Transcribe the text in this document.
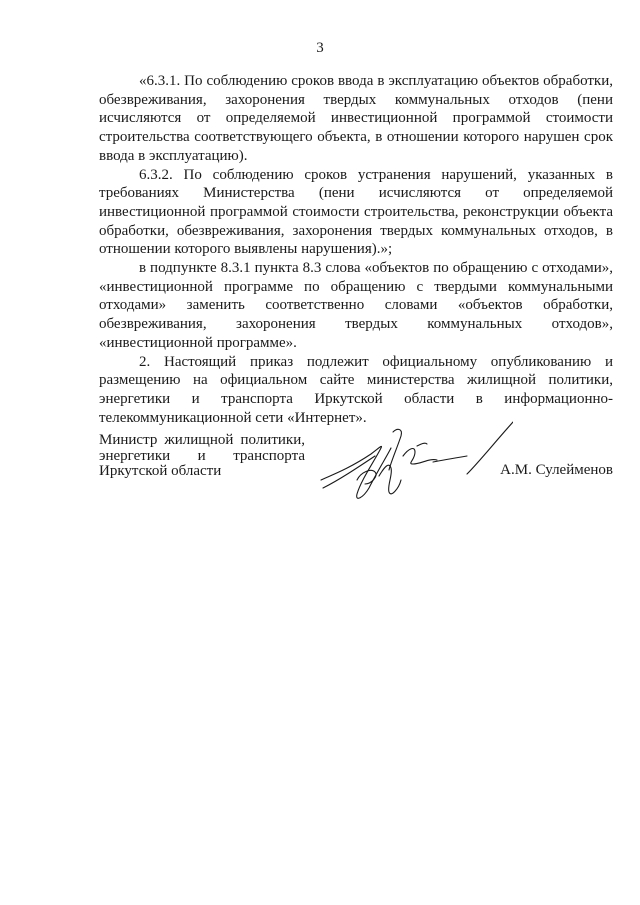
3

«6.3.1. По соблюдению сроков ввода в эксплуатацию объектов обработки, обезвреживания, захоронения твердых коммунальных отходов (пени исчисляются от определяемой инвестиционной программой стоимости строительства соответствующего объекта, в отношении которого нарушен срок ввода в эксплуатацию).

6.3.2. По соблюдению сроков устранения нарушений, указанных в требованиях Министерства (пени исчисляются от определяемой инвестиционной программой стоимости строительства, реконструкции объекта обработки, обезвреживания, захоронения твердых коммунальных отходов, в отношении которого выявлены нарушения).»;

в подпункте 8.3.1 пункта 8.3 слова «объектов по обращению с отходами», «инвестиционной программе по обращению с твердыми коммунальными отходами» заменить соответственно словами «объектов обработки, обезвреживания, захоронения твердых коммунальных отходов», «инвестиционной программе».

2. Настоящий приказ подлежит официальному опубликованию и размещению на официальном сайте министерства жилищной политики, энергетики и транспорта Иркутской области в информационно-телекоммуникационной сети «Интернет».

Министр жилищной политики,
энергетики и транспорта
Иркутской области	А.М. Сулейменов
